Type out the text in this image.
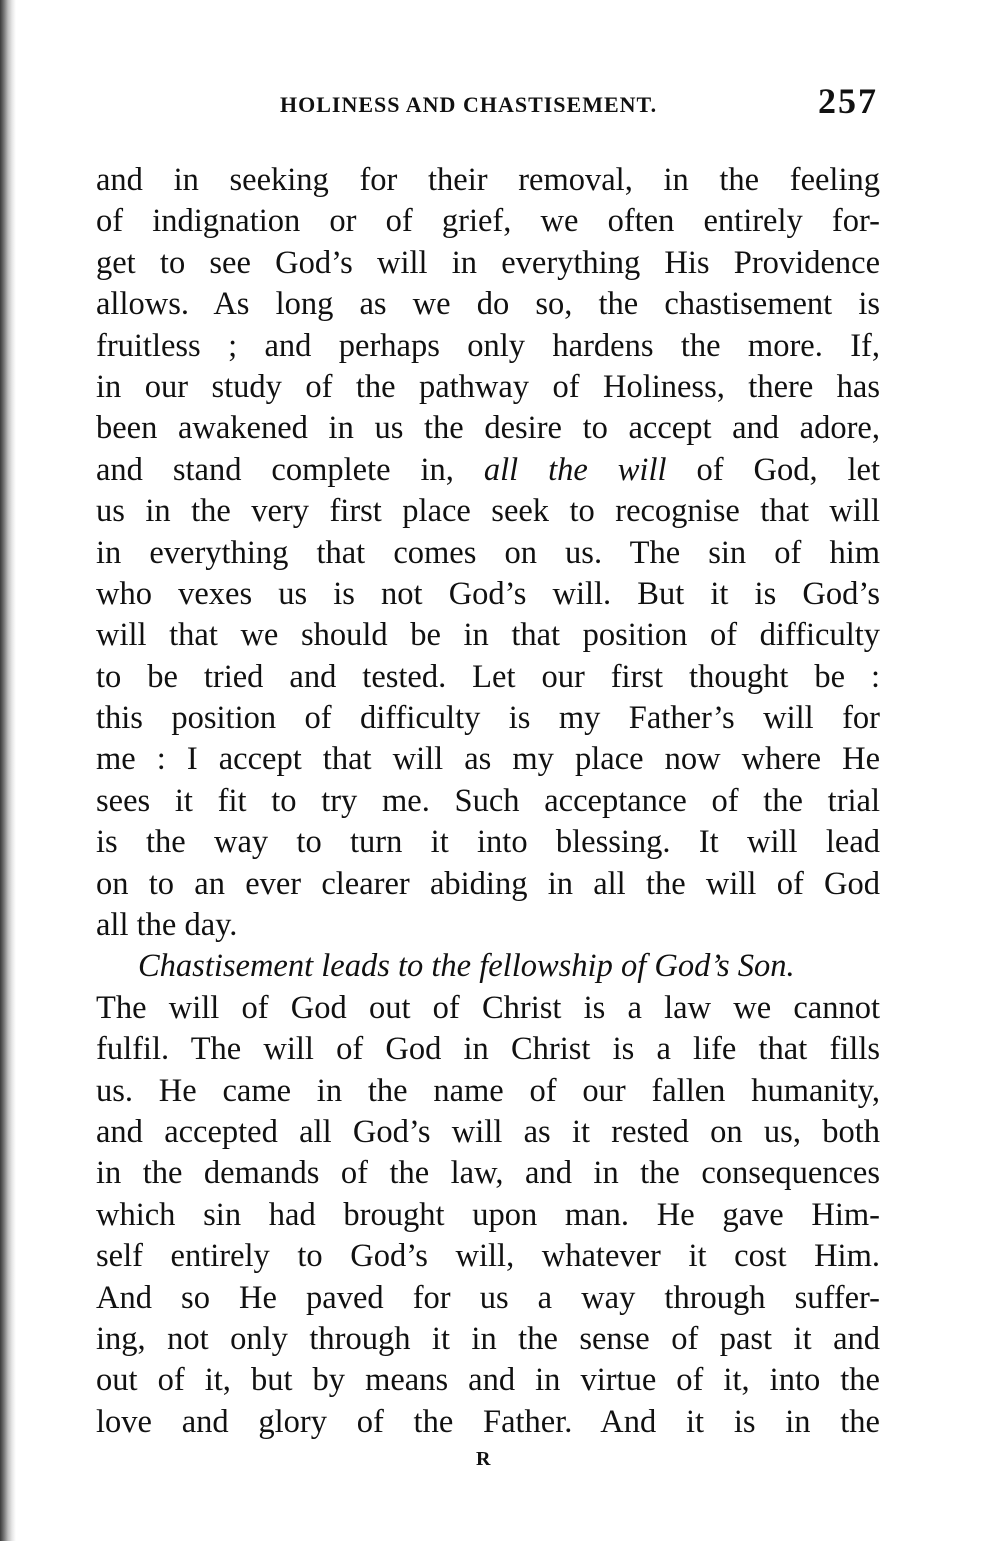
HOLINESS AND CHASTISEMENT.	257
and in seeking for their removal, in the feeling
of indignation or of grief, we often entirely for-
get to see God’s will in everything His Providence
allows. As long as we do so, the chastisement is
fruitless ; and perhaps only hardens the more. If,
in our study of the pathway of Holiness, there has
been awakened in us the desire to accept and adore,
and stand complete in, all the will of God, let
us in the very first place seek to recognise that will
in everything that comes on us. The sin of him
who vexes us is not God’s will. But it is God’s
will that we should be in that position of difficulty
to be tried and tested. Let our first thought be :
this position of difficulty is my Father’s will for
me : I accept that will as my place now where He
sees it fit to try me. Such acceptance of the trial
is the way to turn it into blessing. It will lead
on to an ever clearer abiding in all the will of God
all the day.
Chastisement leads to the fellowship of God’s Son.
The will of God out of Christ is a law we cannot
fulfil. The will of God in Christ is a life that fills
us. He came in the name of our fallen humanity,
and accepted all God’s will as it rested on us, both
in the demands of the law, and in the consequences
which sin had brought upon man. He gave Him-
self entirely to God’s will, whatever it cost Him.
And so He paved for us a way through suffer-
ing, not only through it in the sense of past it and
out of it, but by means and in virtue of it, into the
love and glory of the Father. And it is in the
R
